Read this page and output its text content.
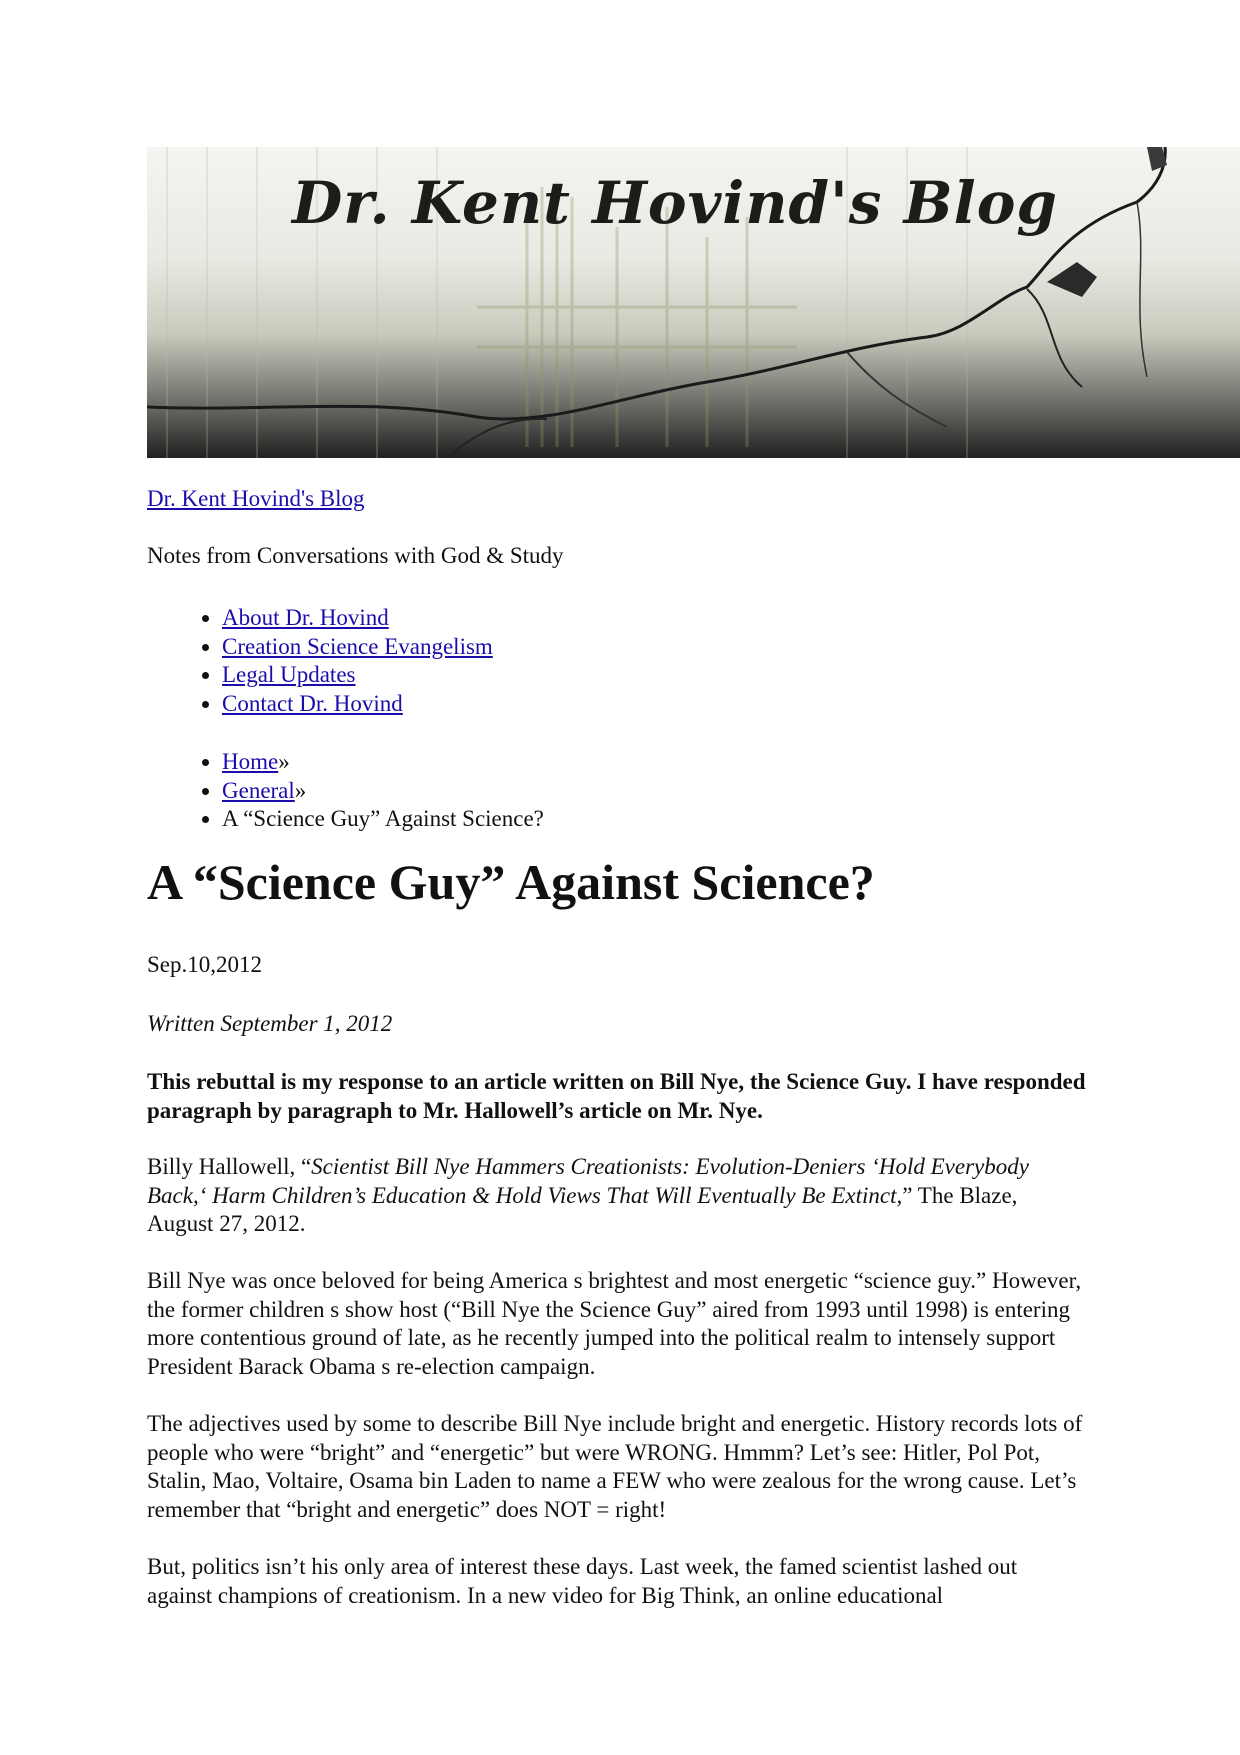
Dr. Kent Hovind's Blog
Dr. Kent Hovind's Blog
Notes from Conversations with God & Study
• About Dr. Hovind
• Creation Science Evangelism
• Legal Updates
• Contact Dr. Hovind
• Home»
• General»
• A “Science Guy” Against Science?
A “Science Guy” Against Science?
Sep.10,2012
Written September 1, 2012

This rebuttal is my response to an article written on Bill Nye, the Science Guy. I have responded paragraph by paragraph to Mr. Hallowell’s article on Mr. Nye.

Billy Hallowell, “Scientist Bill Nye Hammers Creationists: Evolution-Deniers ‘Hold Everybody Back,‘ Harm Children’s Education & Hold Views That Will Eventually Be Extinct,” The Blaze, August 27, 2012.

Bill Nye was once beloved for being America s brightest and most energetic “science guy.” However, the former children s show host (“Bill Nye the Science Guy” aired from 1993 until 1998) is entering more contentious ground of late, as he recently jumped into the political realm to intensely support President Barack Obama s re-election campaign.

The adjectives used by some to describe Bill Nye include bright and energetic. History records lots of people who were “bright” and “energetic” but were WRONG. Hmmm? Let’s see: Hitler, Pol Pot, Stalin, Mao, Voltaire, Osama bin Laden to name a FEW who were zealous for the wrong cause. Let’s remember that “bright and energetic” does NOT = right!

But, politics isn’t his only area of interest these days. Last week, the famed scientist lashed out against champions of creationism. In a new video for Big Think, an online educational
